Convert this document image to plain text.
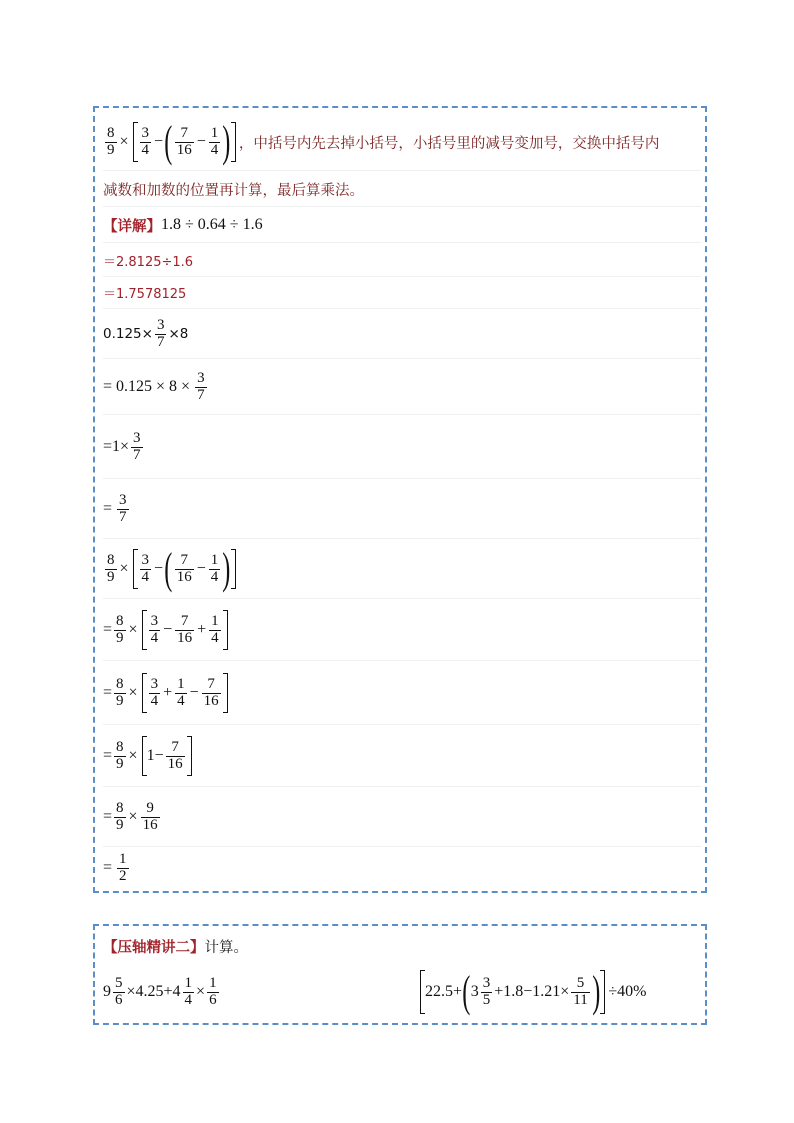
$\frac{8}{9} \times \frac{3}{4}$ − ( $\frac{7}{16} - \frac{1}{4}$ ) ，中括号内先去掉小括号，小括号里的减号变加号，交换中括号内
减数和加数的位置再计算，最后算乘法。
【详解】 1.8 ÷ 0.64 ÷ 1.6
＝2.8125÷1.6
＝1.7578125
$0.125\times \frac{3}{7} \times 8$
= $0.125 \times 8 \times \frac{3}{7}$
$=1\times \frac{3}{7}$
= $\frac{3}{7}$
$\frac{8}{9} \times \frac{3}{4}$ − ( $\frac{7}{16} - \frac{1}{4}$ )
= $\frac{8}{9} \times \frac{3}{4} - \frac{7}{16} + \frac{1}{4}$
= $\frac{8}{9} \times \frac{3}{4} + \frac{1}{4} - \frac{7}{16}$
= $\frac{8}{9} \times 1- \frac{7}{16}$
= $\frac{8}{9} \times \frac{9}{16}$
= $\frac{1}{2}$
【压轴精讲二】 计算。
$9 \frac{5}{6} \times 4.25+4 \frac{1}{4} \times \frac{1}{6}$	22.5+ ( $3 \frac{3}{5} +1.8-1.21\times \frac{5}{11}$ ) ÷40%
